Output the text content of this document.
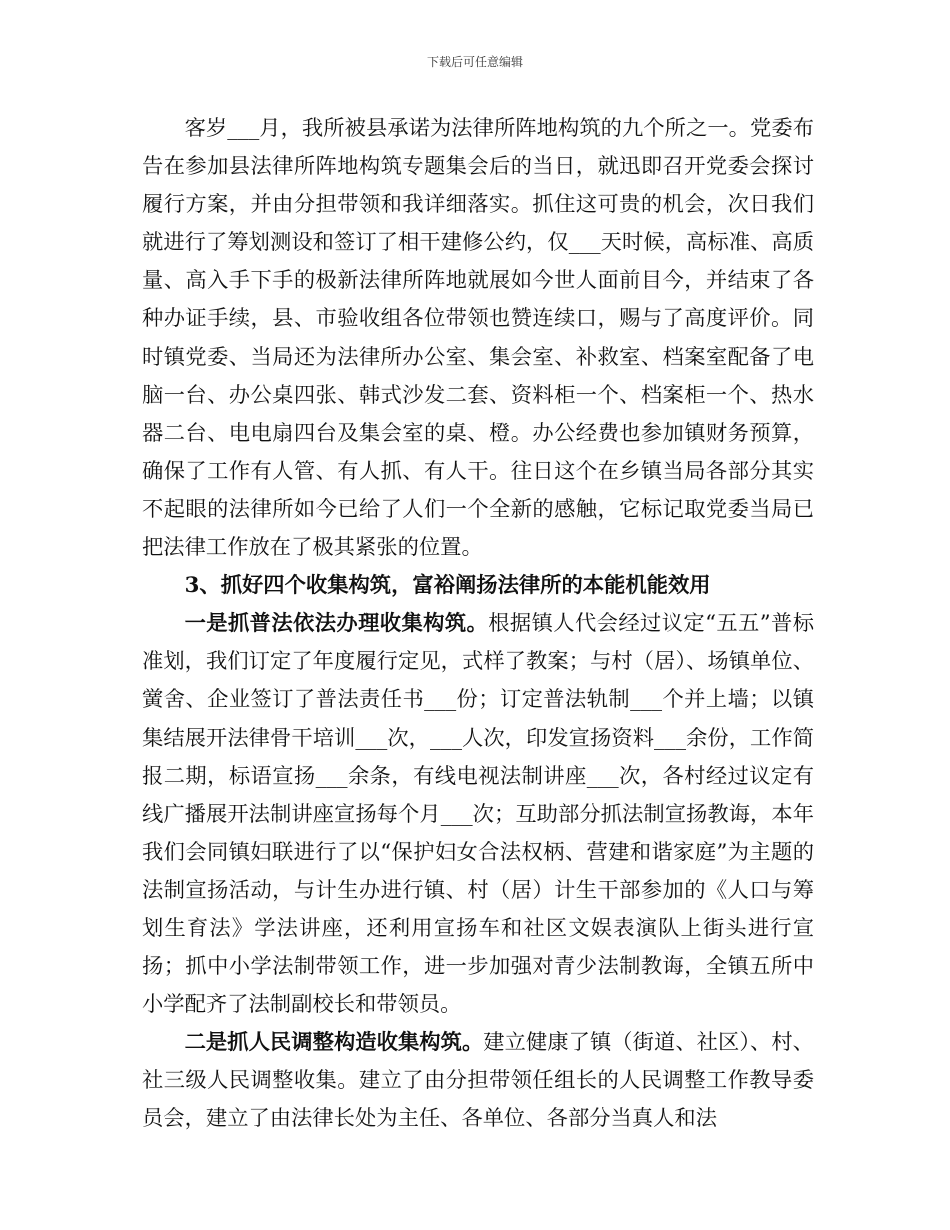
下载后可任意编辑

客岁___月，我所被县承诺为法律所阵地构筑的九个所之一。党委布告在参加县法律所阵地构筑专题集会后的当日，就迅即召开党委会探讨履行方案，并由分担带领和我详细落实。抓住这可贵的机会，次日我们就进行了筹划测设和签订了相干建修公约，仅___天时候，高标准、高质量、高入手下手的极新法律所阵地就展如今世人面前目今，并结束了各种办证手续，县、市验收组各位带领也赞连续口，赐与了高度评价。同时镇党委、当局还为法律所办公室、集会室、补救室、档案室配备了电脑一台、办公桌四张、韩式沙发二套、资料柜一个、档案柜一个、热水器二台、电电扇四台及集会室的桌、橙。办公经费也参加镇财务预算，确保了工作有人管、有人抓、有人干。往日这个在乡镇当局各部分其实不起眼的法律所如今已给了人们一个全新的感触，它标记取党委当局已把法律工作放在了极其紧张的位置。

3、抓好四个收集构筑，富裕阐扬法律所的本能机能效用

一是抓普法依法办理收集构筑。根据镇人代会经过议定“五五”普标准划，我们订定了年度履行定见，式样了教案；与村（居）、场镇单位、黉舍、企业签订了普法责任书___份；订定普法轨制___个并上墙；以镇集结展开法律骨干培训___次，___人次，印发宣扬资料___余份，工作简报二期，标语宣扬___余条，有线电视法制讲座___次，各村经过议定有线广播展开法制讲座宣扬每个月___次；互助部分抓法制宣扬教诲，本年我们会同镇妇联进行了以“保护妇女合法权柄、营建和谐家庭”为主题的法制宣扬活动，与计生办进行镇、村（居）计生干部参加的《人口与筹划生育法》学法讲座，还利用宣扬车和社区文娱表演队上街头进行宣扬；抓中小学法制带领工作，进一步加强对青少法制教诲，全镇五所中小学配齐了法制副校长和带领员。

二是抓人民调整构造收集构筑。建立健康了镇（街道、社区）、村、社三级人民调整收集。建立了由分担带领任组长的人民调整工作教导委员会，建立了由法律长处为主任、各单位、各部分当真人和法
